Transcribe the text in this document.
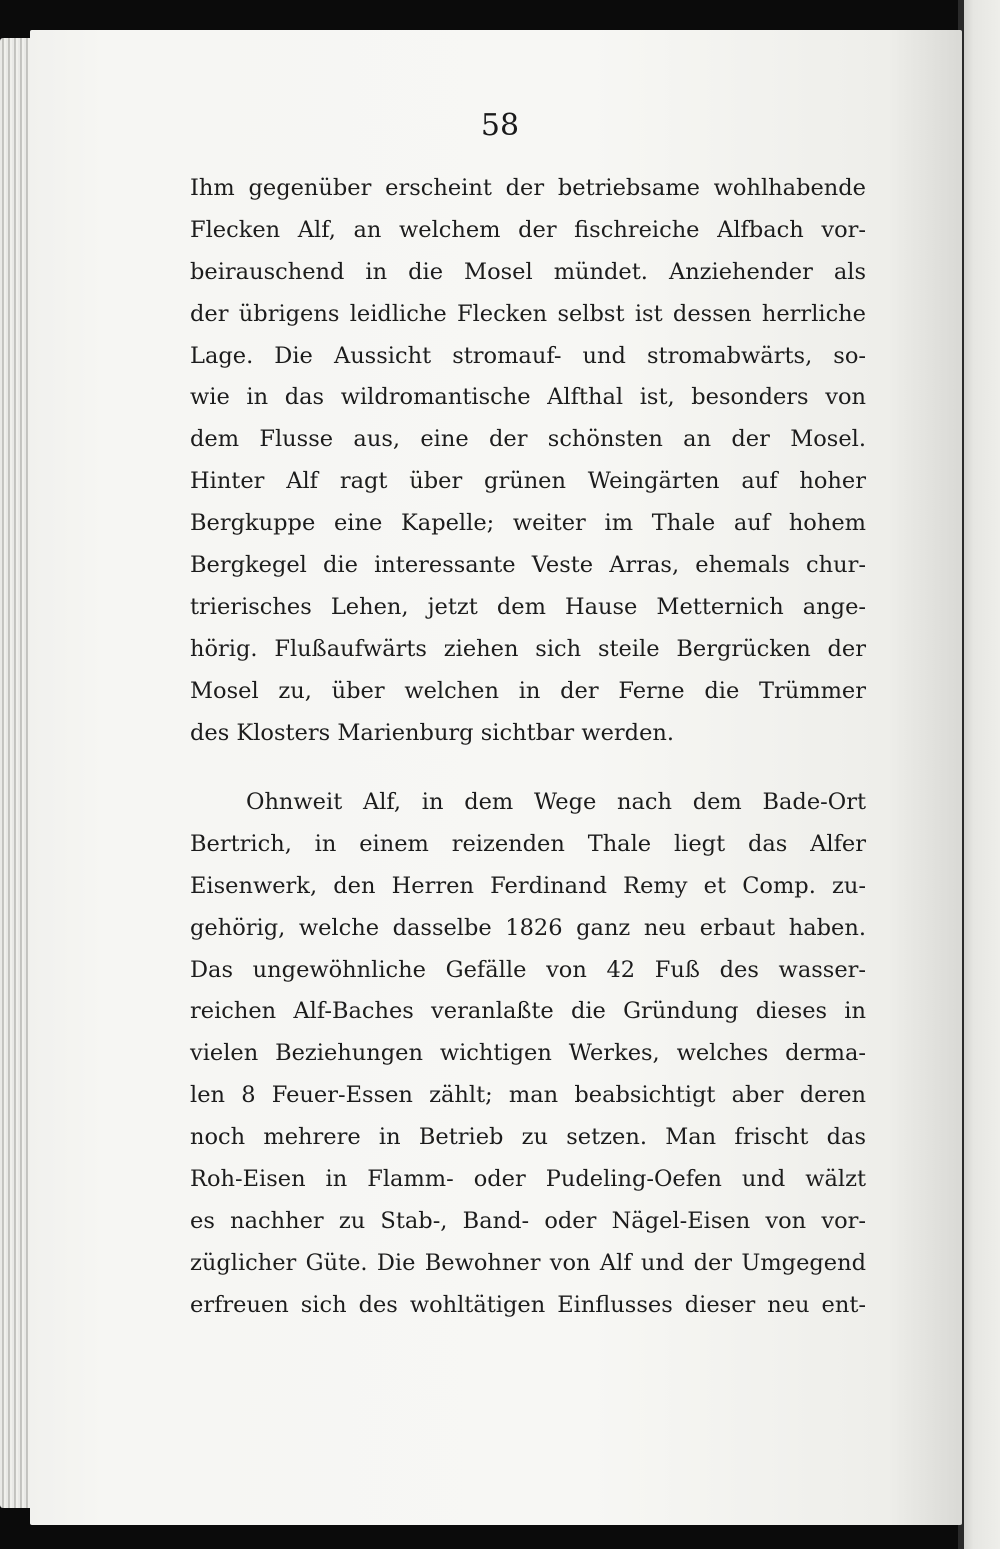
58
Ihm gegenüber erscheint der betriebsame wohlhabende
Flecken Alf, an welchem der fischreiche Alfbach vor-
beirauschend in die Mosel mündet. Anziehender als
der übrigens leidliche Flecken selbst ist dessen herrliche
Lage. Die Aussicht stromauf- und stromabwärts, so-
wie in das wildromantische Alfthal ist, besonders von
dem Flusse aus, eine der schönsten an der Mosel.
Hinter Alf ragt über grünen Weingärten auf hoher
Bergkuppe eine Kapelle; weiter im Thale auf hohem
Bergkegel die interessante Veste Arras, ehemals chur-
trierisches Lehen, jetzt dem Hause Metternich ange-
hörig. Flußaufwärts ziehen sich steile Bergrücken der
Mosel zu, über welchen in der Ferne die Trümmer
des Klosters Marienburg sichtbar werden.
Ohnweit Alf, in dem Wege nach dem Bade-Ort
Bertrich, in einem reizenden Thale liegt das Alfer
Eisenwerk, den Herren Ferdinand Remy et Comp. zu-
gehörig, welche dasselbe 1826 ganz neu erbaut haben.
Das ungewöhnliche Gefälle von 42 Fuß des wasser-
reichen Alf-Baches veranlaßte die Gründung dieses in
vielen Beziehungen wichtigen Werkes, welches derma-
len 8 Feuer-Essen zählt; man beabsichtigt aber deren
noch mehrere in Betrieb zu setzen. Man frischt das
Roh-Eisen in Flamm- oder Pudeling-Oefen und wälzt
es nachher zu Stab-, Band- oder Nägel-Eisen von vor-
züglicher Güte. Die Bewohner von Alf und der Umgegend
erfreuen sich des wohltätigen Einflusses dieser neu ent-
